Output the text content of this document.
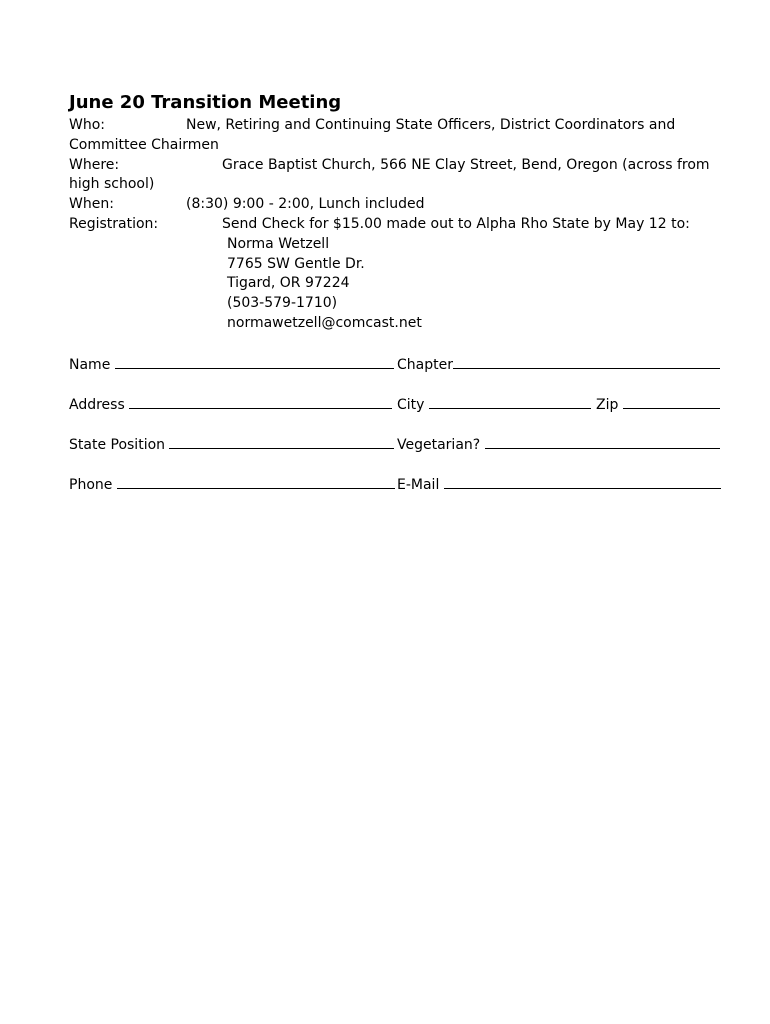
June 20 Transition Meeting
Who:	New, Retiring and Continuing State Officers, District Coordinators and
Committee Chairmen
Where:	Grace Baptist Church, 566 NE Clay Street, Bend, Oregon (across from
high school)
When:	(8:30) 9:00 - 2:00, Lunch included
Registration:	Send Check for $15.00 made out to Alpha Rho State by May 12 to:
Norma Wetzell
7765 SW Gentle Dr.
Tigard, OR 97224
(503-579-1710)
normawetzell@comcast.net
Name	Chapter
Address	City	Zip
State Position	Vegetarian?
Phone	E-Mail
